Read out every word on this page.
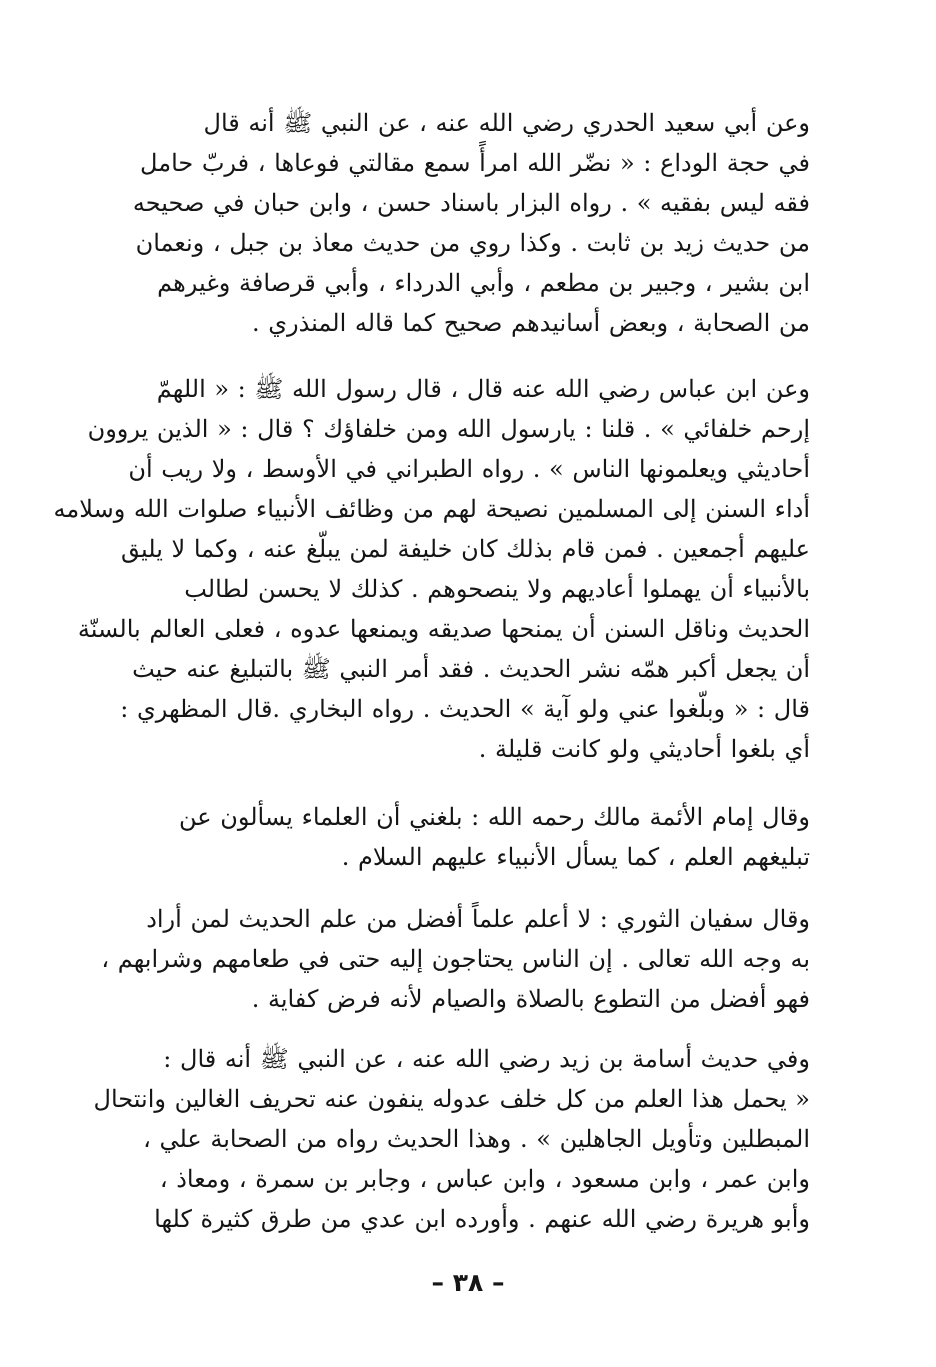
وعن أبي سعيد الحدري رضي الله عنه ، عن النبي ﷺ أنه قال
في حجة الوداع : « نضّر الله امرأً سمع مقالتي فوعاها ، فربّ حامل
فقه ليس بفقيه » . رواه البزار باسناد حسن ، وابن حبان في صحيحه
من حديث زيد بن ثابت . وكذا روي من حديث معاذ بن جبل ، ونعمان
ابن بشير ، وجبير بن مطعم ، وأبي الدرداء ، وأبي قرصافة وغيرهم
من الصحابة ، وبعض أسانيدهم صحيح كما قاله المنذري .
وعن ابن عباس رضي الله عنه قال ، قال رسول الله ﷺ : « اللهمّ
إرحم خلفائي » . قلنا : يارسول الله ومن خلفاؤك ؟ قال : « الذين يروون
أحاديثي ويعلمونها الناس » . رواه الطبراني في الأوسط ، ولا ريب أن
أداء السنن إلى المسلمين نصيحة لهم من وظائف الأنبياء صلوات الله وسلامه
عليهم أجمعين . فمن قام بذلك كان خليفة لمن يبلّغ عنه ، وكما لا يليق
بالأنبياء أن يهملوا أعاديهم ولا ينصحوهم . كذلك لا يحسن لطالب
الحديث وناقل السنن أن يمنحها صديقه ويمنعها عدوه ، فعلى العالم بالسنّة
أن يجعل أكبر همّه نشر الحديث . فقد أمر النبي ﷺ بالتبليغ عنه حيث
قال : « وبلّغوا عني ولو آية » الحديث . رواه البخاري .قال المظهري :
أي بلغوا أحاديثي ولو كانت قليلة .
وقال إمام الأئمة مالك رحمه الله : بلغني أن العلماء يسألون عن
تبليغهم العلم ، كما يسأل الأنبياء عليهم السلام .
وقال سفيان الثوري : لا أعلم علماً أفضل من علم الحديث لمن أراد
به وجه الله تعالى . إن الناس يحتاجون إليه حتى في طعامهم وشرابهم ،
فهو أفضل من التطوع بالصلاة والصيام لأنه فرض كفاية .
وفي حديث أسامة بن زيد رضي الله عنه ، عن النبي ﷺ أنه قال :
« يحمل هذا العلم من كل خلف عدوله ينفون عنه تحريف الغالين وانتحال
المبطلين وتأويل الجاهلين » . وهذا الحديث رواه من الصحابة علي ،
وابن عمر ، وابن مسعود ، وابن عباس ، وجابر بن سمرة ، ومعاذ ،
وأبو هريرة رضي الله عنهم . وأورده ابن عدي من طرق كثيرة كلها
– ٣٨ –
